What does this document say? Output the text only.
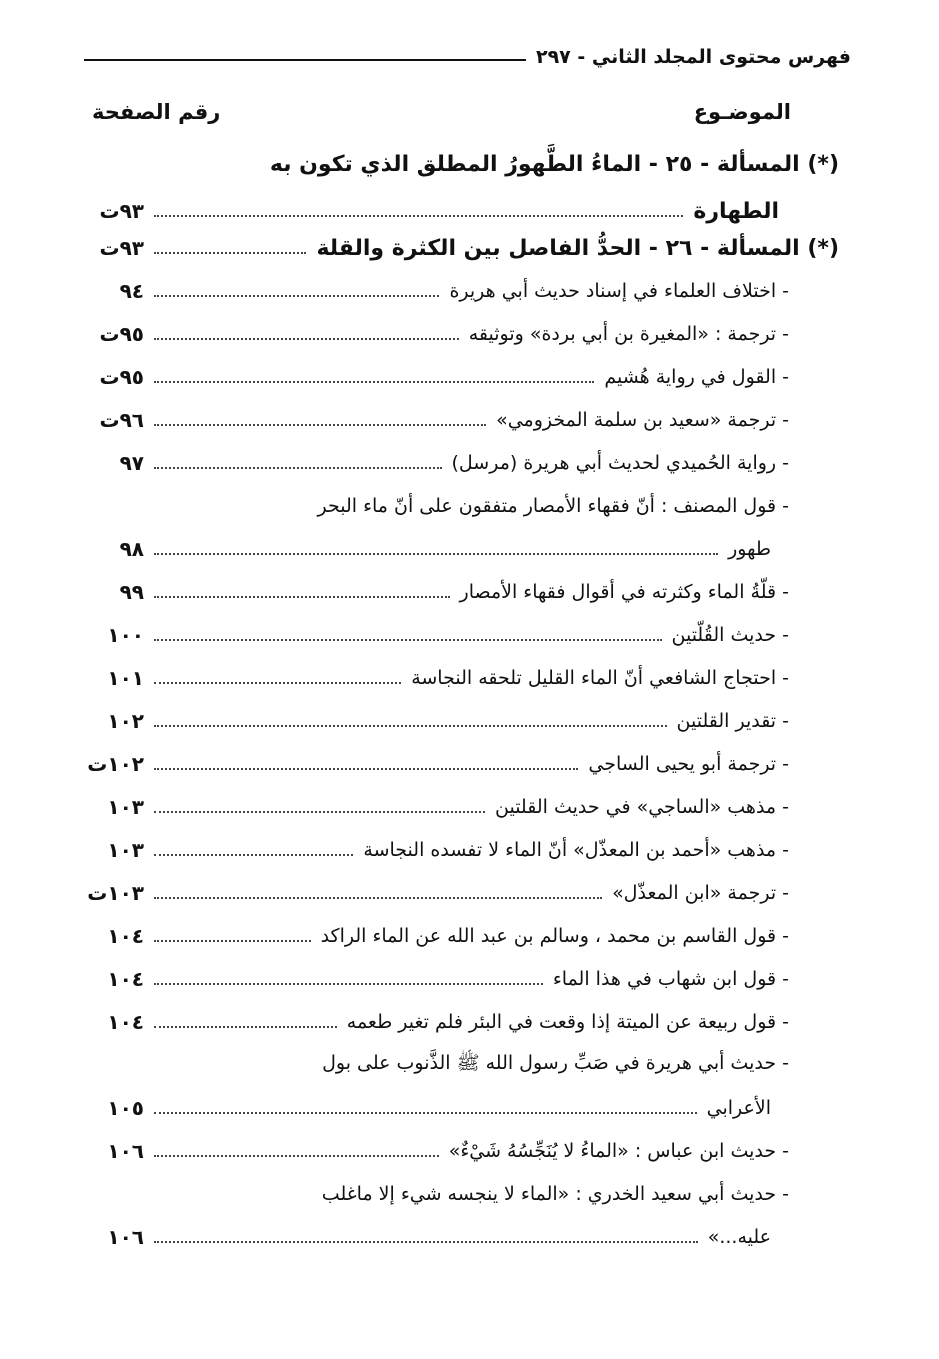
فهرس محتوى المجلد الثاني - ٢٩٧
الموضـوع
رقم الصفحة
(*) المسألة - ٢٥ - الماءُ الطَّهورُ المطلق الذي تكون به
الطهارة
٩٣ت
(*) المسألة - ٢٦ - الحدُّ الفاصل بين الكثرة والقلة
٩٣ت
- اختلاف العلماء في إسناد حديث أبي هريرة
٩٤
- ترجمة : «المغيرة بن أبي بردة» وتوثيقه
٩٥ت
- القول في رواية هُشيم
٩٥ت
- ترجمة «سعيد بن سلمة المخزومي»
٩٦ت
- رواية الحُميدي لحديث أبي هريرة (مرسل)
٩٧
- قول المصنف : أنّ فقهاء الأمصار متفقون على أنّ ماء البحر
طهور
٩٨
- قلّةُ الماء وكثرته في أقوال فقهاء الأمصار
٩٩
- حديث القُلّتين
١٠٠
- احتجاج الشافعي أنّ الماء القليل تلحقه النجاسة
١٠١
- تقدير القلتين
١٠٢
- ترجمة أبو يحيى الساجي
١٠٢ت
- مذهب «الساجي» في حديث القلتين
١٠٣
- مذهب «أحمد بن المعذّل» أنّ الماء لا تفسده النجاسة
١٠٣
- ترجمة «ابن المعذّل»
١٠٣ت
- قول القاسم بن محمد ، وسالم بن عبد الله عن الماء الراكد
١٠٤
- قول ابن شهاب في هذا الماء
١٠٤
- قول ربيعة عن الميتة إذا وقعت في البئر فلم تغير طعمه
١٠٤
- حديث أبي هريرة في صَبِّ رسول الله ﷺ الذَّنوب على بول
الأعرابي
١٠٥
- حديث ابن عباس : «الماءُ لا يُنَجِّسُهُ شَيْءٌ»
١٠٦
- حديث أبي سعيد الخدري : «الماء لا ينجسه شيء إلا ماغلب
عليه...»
١٠٦
